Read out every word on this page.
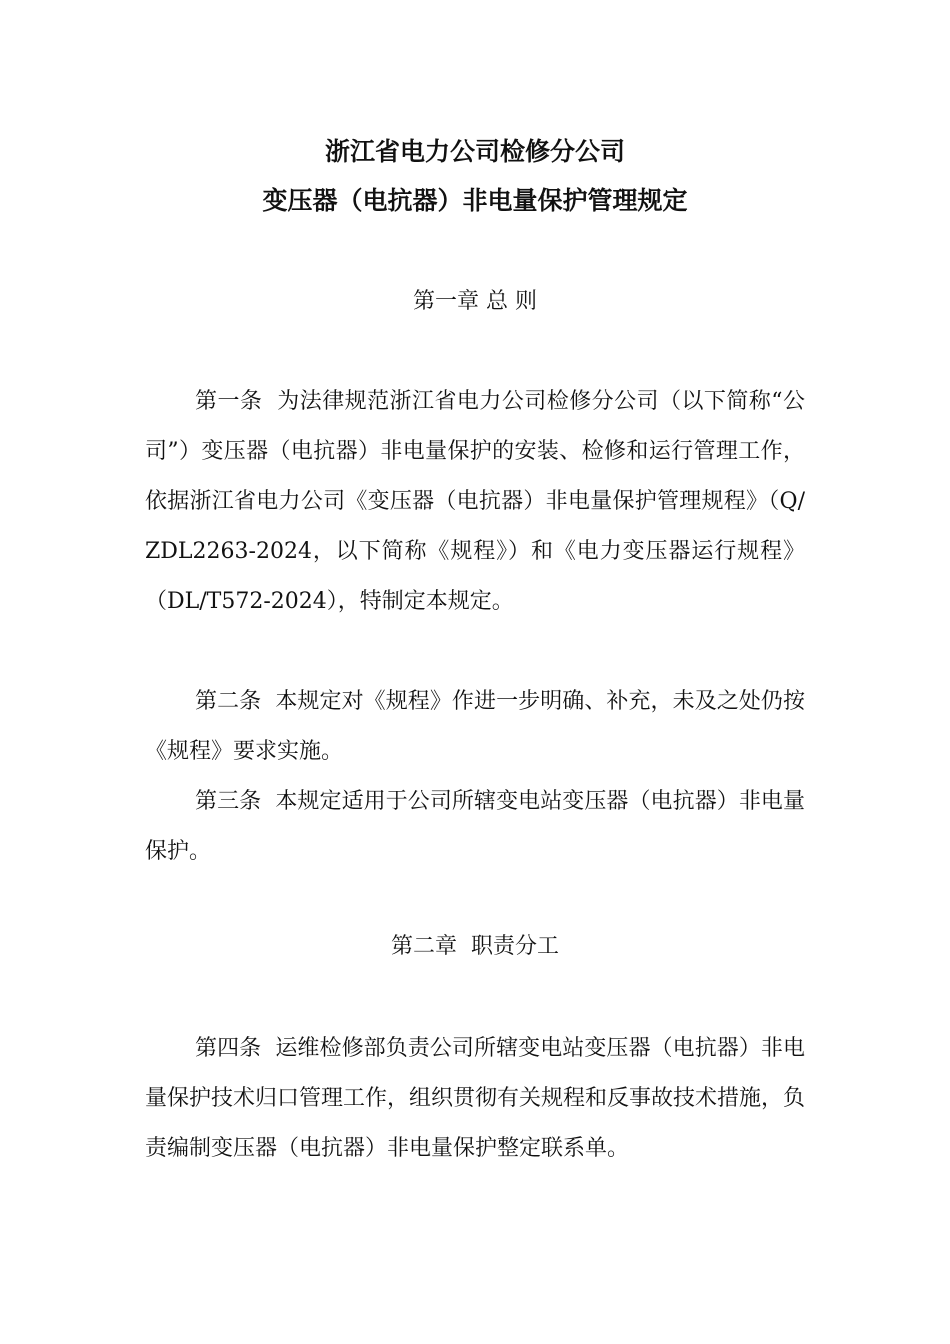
浙江省电力公司检修分公司
变压器（电抗器）非电量保护管理规定
第一章 总 则
第一条 为法律规范浙江省电力公司检修分公司（以下简称“公司”）变压器（电抗器）非电量保护的安装、检修和运行管理工作，依据浙江省电力公司《变压器（电抗器）非电量保护管理规程》（Q/ZDL2263-2024，以下简称《规程》）和《电力变压器运行规程》（DL/T572-2024），特制定本规定。
第二条 本规定对《规程》作进一步明确、补充，未及之处仍按《规程》要求实施。
第三条 本规定适用于公司所辖变电站变压器（电抗器）非电量保护。
第二章  职责分工
第四条 运维检修部负责公司所辖变电站变压器（电抗器）非电量保护技术归口管理工作，组织贯彻有关规程和反事故技术措施，负责编制变压器（电抗器）非电量保护整定联系单。
